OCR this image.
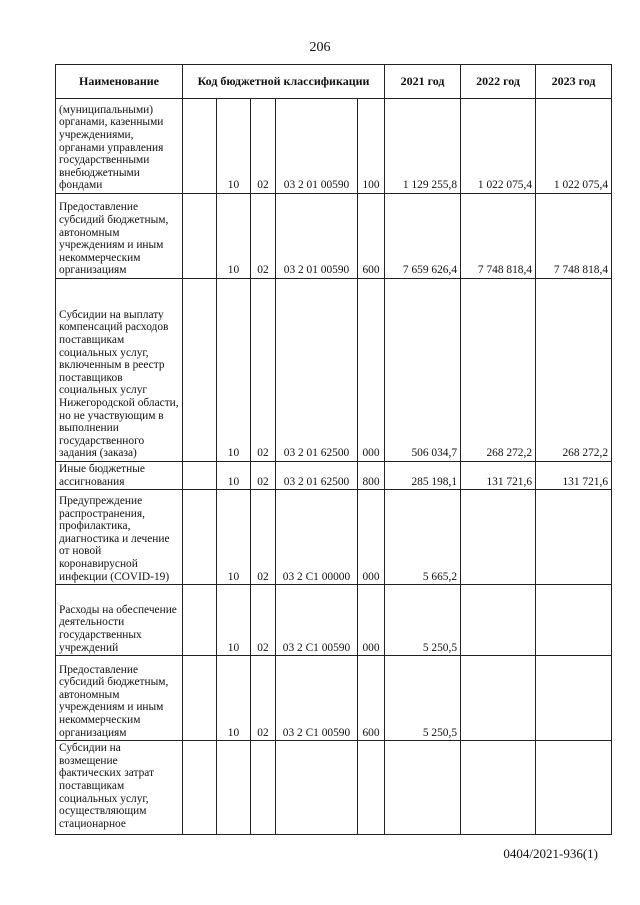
206
Наименование	Код бюджетной классификации					2021 год	2022 год	2023 год
(муниципальными) органами, казенными учреждениями, органами управления государственными внебюджетными фондами		10	02	03 2 01 00590	100	1 129 255,8	1 022 075,4	1 022 075,4
Предоставление субсидий бюджетным, автономным учреждениям и иным некоммерческим организациям		10	02	03 2 01 00590	600	7 659 626,4	7 748 818,4	7 748 818,4
Субсидии на выплату компенсаций расходов поставщикам социальных услуг, включенным в реестр поставщиков социальных услуг Нижегородской области, но не участвующим в выполнении государственного задания (заказа)		10	02	03 2 01 62500	000	506 034,7	268 272,2	268 272,2
Иные бюджетные ассигнования		10	02	03 2 01 62500	800	285 198,1	131 721,6	131 721,6
Предупреждение распространения, профилактика, диагностика и лечение от новой коронавирусной инфекции (COVID-19)		10	02	03 2 C1 00000	000	5 665,2		
Расходы на обеспечение деятельности государственных учреждений		10	02	03 2 C1 00590	000	5 250,5		
Предоставление субсидий бюджетным, автономным учреждениям и иным некоммерческим организациям		10	02	03 2 C1 00590	600	5 250,5		
Субсидии на возмещение фактических затрат поставщикам социальных услуг, осуществляющим стационарное								
0404/2021-936(1)
